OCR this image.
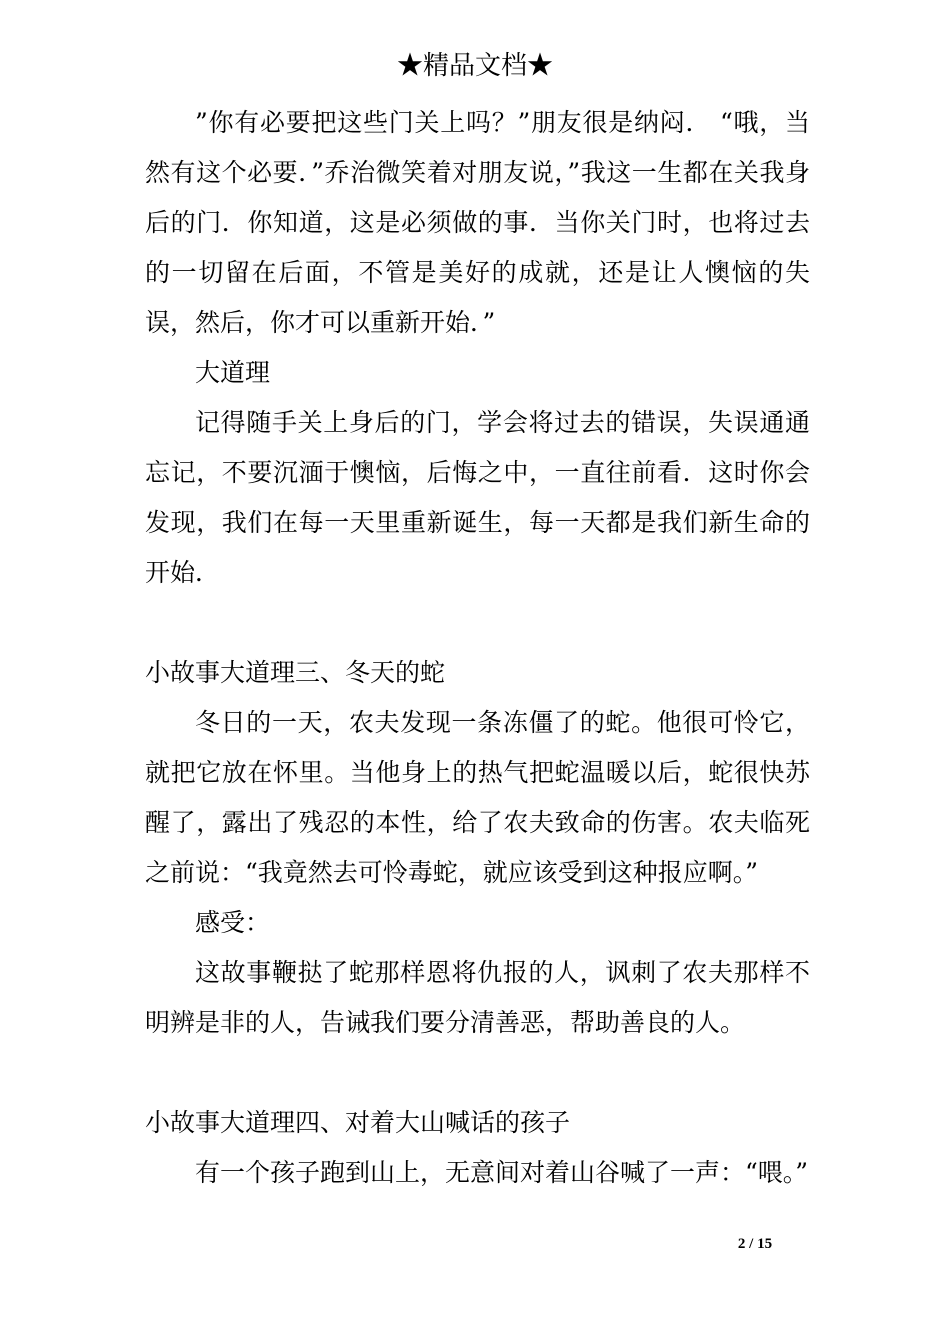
★精品文档★

”你有必要把这些门关上吗？”朋友很是纳闷． “哦，当然有这个必要．”乔治微笑着对朋友说，”我这一生都在关我身后的门．你知道，这是必须做的事．当你关门时，也将过去的一切留在后面，不管是美好的成就，还是让人懊恼的失误，然后，你才可以重新开始．”

大道理

记得随手关上身后的门，学会将过去的错误，失误通通忘记，不要沉湎于懊恼，后悔之中，一直往前看．这时你会发现，我们在每一天里重新诞生，每一天都是我们新生命的开始．

小故事大道理三、冬天的蛇

冬日的一天，农夫发现一条冻僵了的蛇。他很可怜它，就把它放在怀里。当他身上的热气把蛇温暖以后，蛇很快苏醒了，露出了残忍的本性，给了农夫致命的伤害。农夫临死之前说：“我竟然去可怜毒蛇，就应该受到这种报应啊。”

感受：

这故事鞭挞了蛇那样恩将仇报的人，讽刺了农夫那样不明辨是非的人，告诫我们要分清善恶，帮助善良的人。

小故事大道理四、对着大山喊话的孩子

有一个孩子跑到山上，无意间对着山谷喊了一声：“喂。”

2 / 15
